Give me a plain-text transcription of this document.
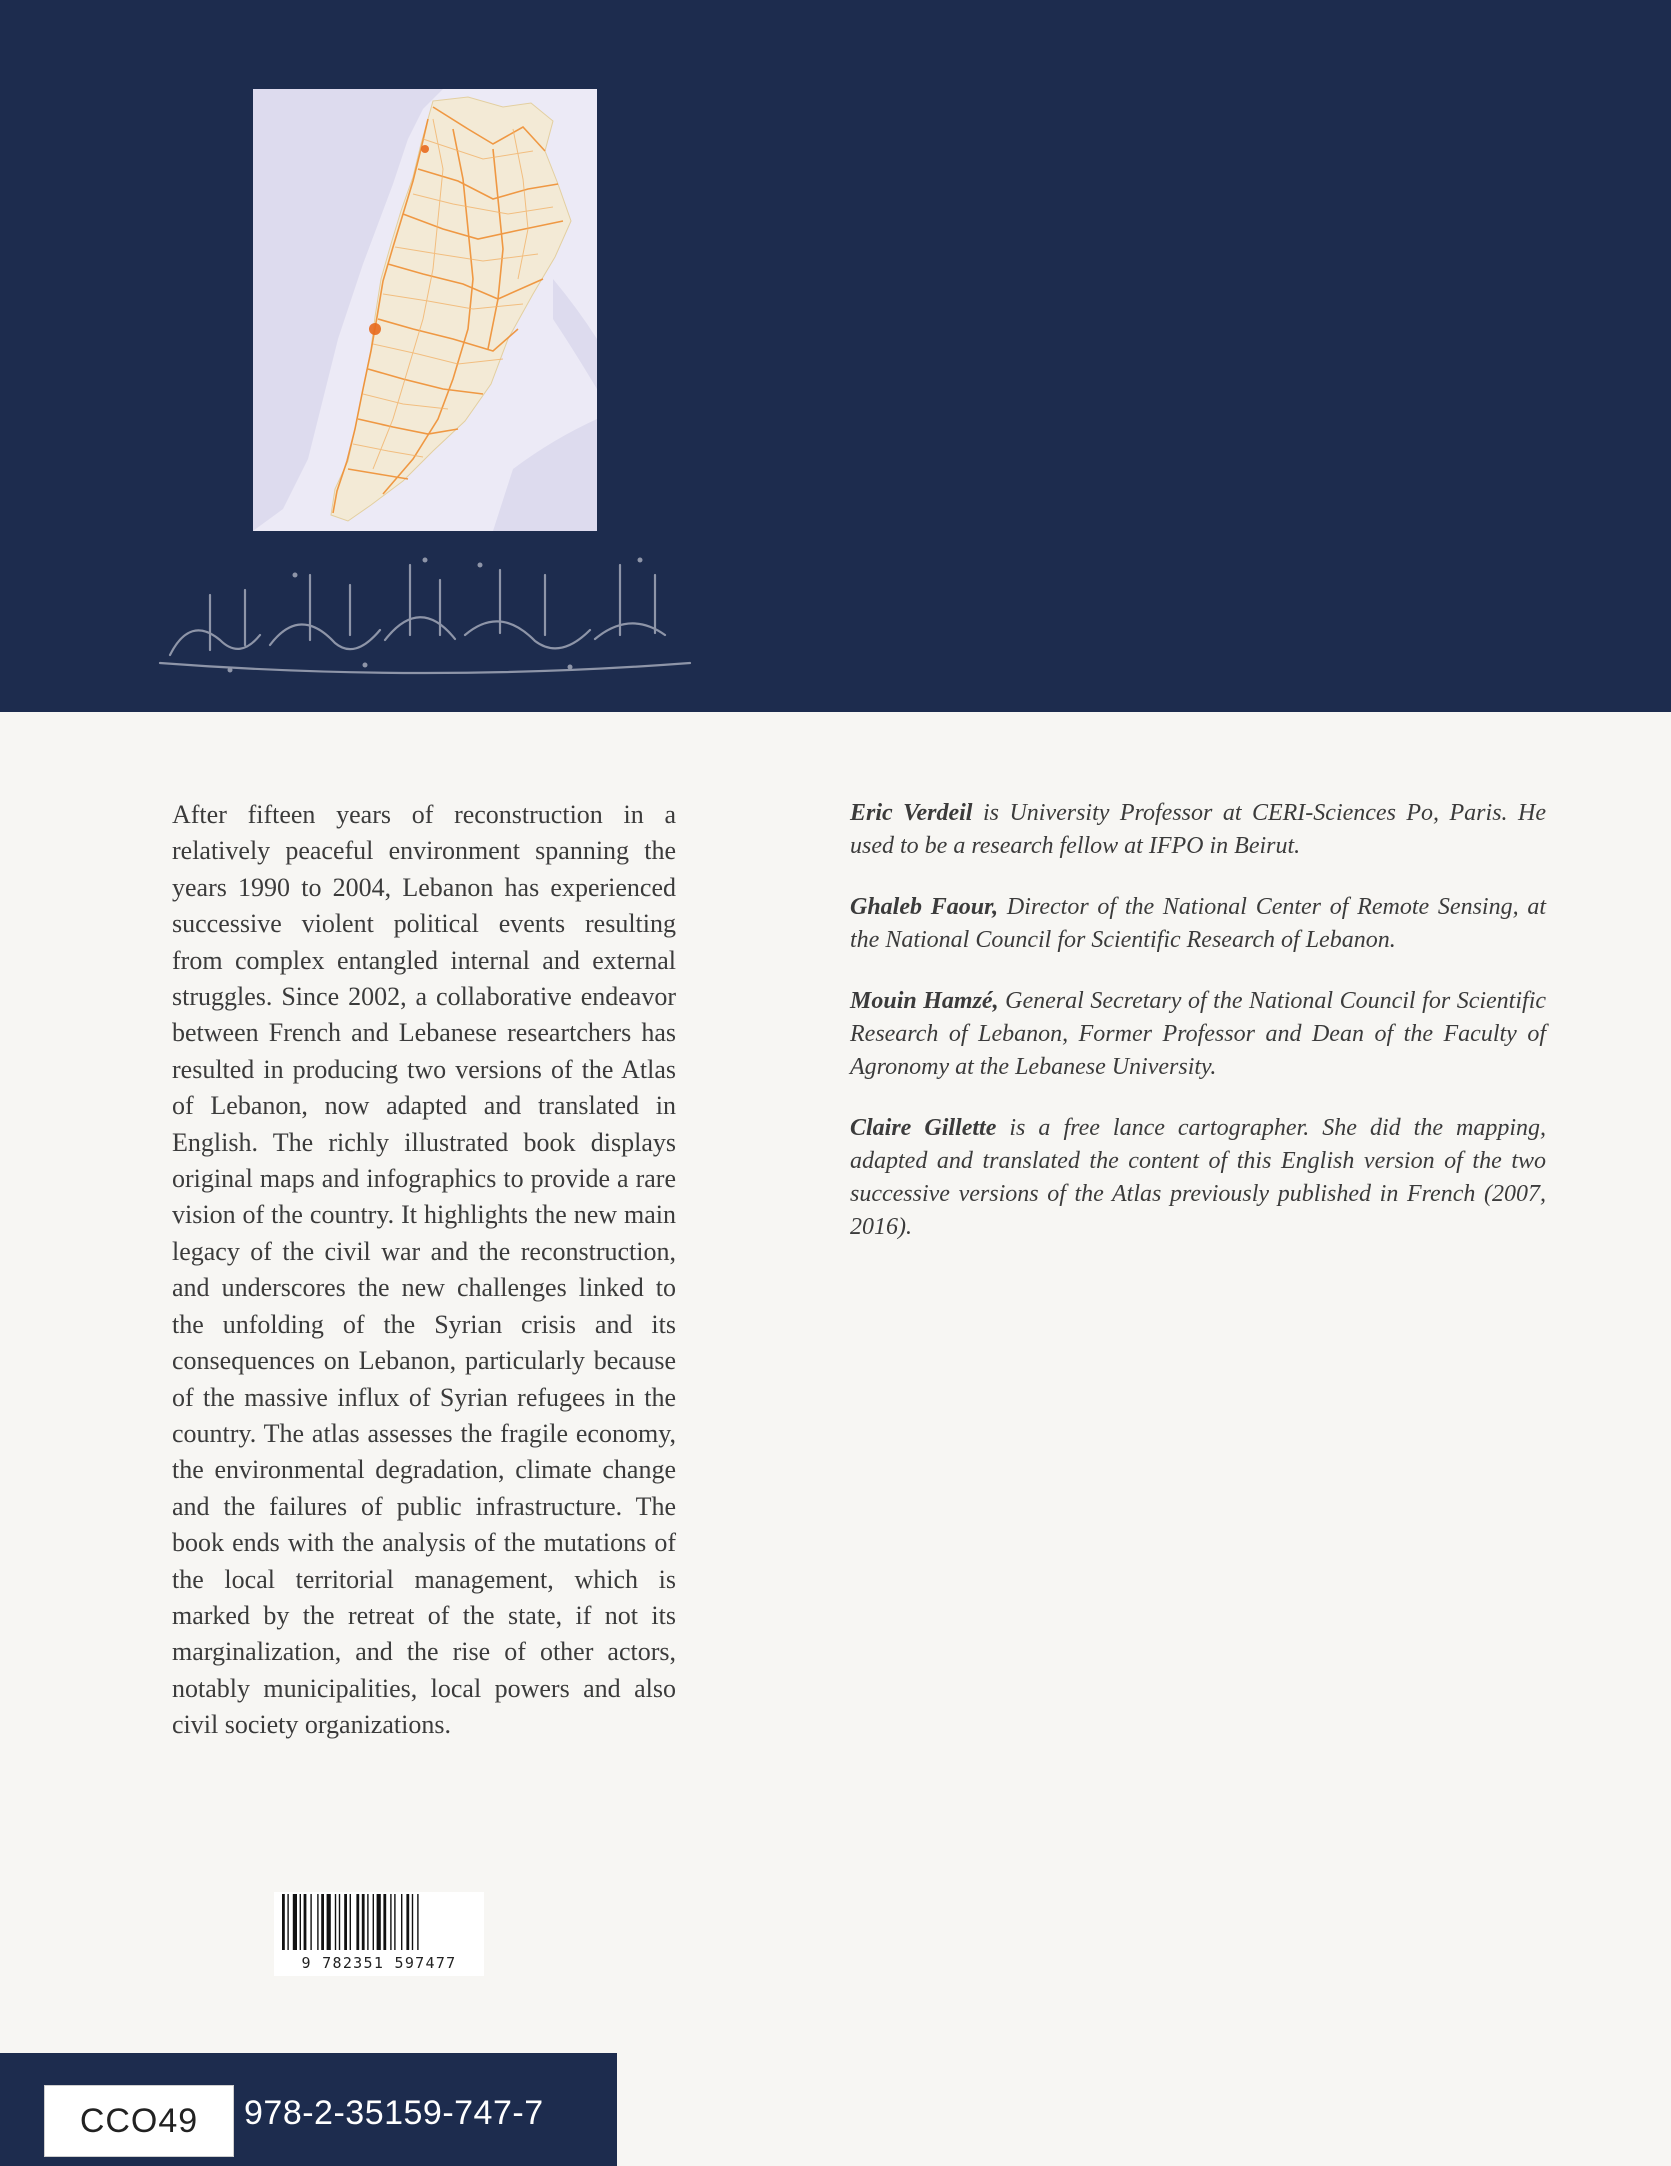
After fifteen years of reconstruction in a relatively peaceful environment spanning the years 1990 to 2004, Lebanon has experienced successive violent political events resulting from complex entangled internal and external struggles. Since 2002, a collaborative endeavor between French and Lebanese researtchers has resulted in producing two versions of the Atlas of Lebanon, now adapted and translated in English. The richly illustrated book displays original maps and infographics to provide a rare vision of the country. It highlights the new main legacy of the civil war and the reconstruction, and underscores the new challenges linked to the unfolding of the Syrian crisis and its consequences on Lebanon, particularly because of the massive influx of Syrian refugees in the country. The atlas assesses the fragile economy, the environmental degradation, climate change and the failures of public infrastructure. The book ends with the analysis of the mutations of the local territorial management, which is marked by the retreat of the state, if not its marginalization, and the rise of other actors, notably municipalities, local powers and also civil society organizations.

Eric Verdeil is University Professor at CERI-Sciences Po, Paris. He used to be a research fellow at IFPO in Beirut.

Ghaleb Faour, Director of the National Center of Remote Sensing, at the National Council for Scientific Research of Lebanon.

Mouin Hamzé, General Secretary of the National Council for Scientific Research of Lebanon, Former Professor and Dean of the Faculty of Agronomy at the Lebanese University.

Claire Gillette is a free lance cartographer. She did the mapping, adapted and translated the content of this English version of the two successive versions of the Atlas previously published in French (2007, 2016).

9 782351 597477
CCO49	978-2-35159-747-7
